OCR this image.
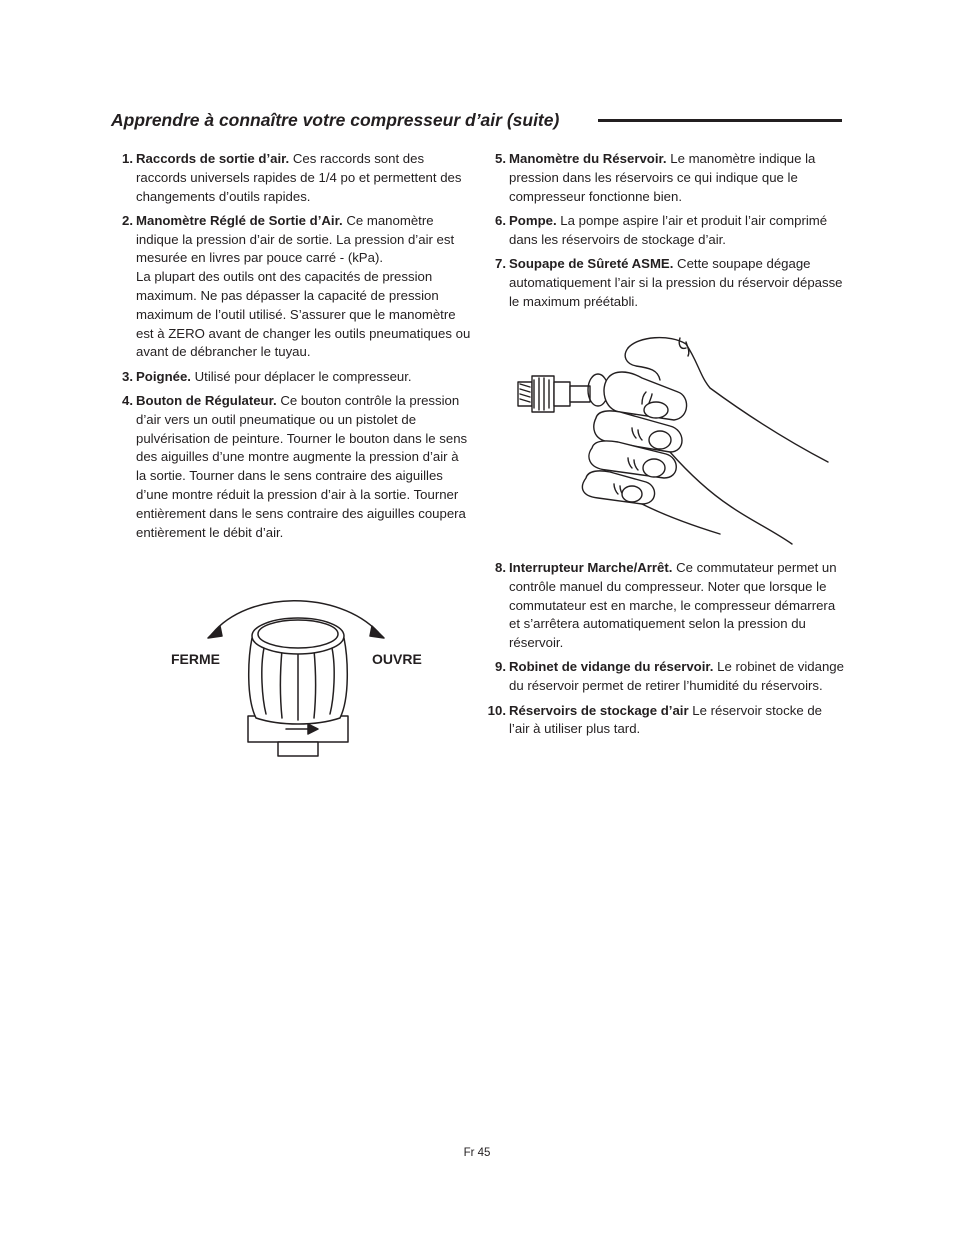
Apprendre à connaître votre compresseur d’air (suite)
1. Raccords de sortie d’air. Ces raccords sont des raccords universels rapides de 1/4 po et permettent des changements d’outils rapides.

2. Manomètre Réglé de Sortie d’Air. Ce manomètre indique la pression d’air de sortie. La pression d’air est mesurée en livres par pouce carré - (kPa).

La plupart des outils ont des capacités de pression maximum. Ne pas dépasser la capacité de pression maximum de l’outil utilisé. S’assurer que le manomètre est à ZERO avant de changer les outils pneumatiques ou avant de débrancher le tuyau.

3. Poignée. Utilisé pour déplacer le compresseur.

4. Bouton de Régulateur. Ce bouton contrôle la pression d’air vers un outil pneumatique ou un pistolet de pulvérisation de peinture. Tourner le bouton dans le sens des aiguilles d’une montre augmente la pression d’air à la sortie. Tourner dans le sens contraire des aiguilles d’une montre réduit la pression d’air à la sortie. Tourner entièrement dans le sens contraire des aiguilles coupera entièrement le débit d’air.

5. Manomètre du Réservoir. Le manomètre indique la pression dans les réservoirs ce qui indique que le compresseur fonctionne bien.

6. Pompe. La pompe aspire l’air et produit l’air comprimé dans les réservoirs de stockage d’air.

7. Soupape de Sûreté ASME. Cette soupape dégage automatiquement l’air si la pression du réservoir dépasse le maximum préétabli.

8. Interrupteur Marche/Arrêt. Ce commutateur permet un contrôle manuel du compresseur. Noter que lorsque le commutateur est en marche, le compresseur démarrera et s’arrêtera automatiquement selon la pression du réservoir.

9. Robinet de vidange du réservoir. Le robinet de vidange du réservoir permet de retirer l’humidité du réservoirs.

10. Réservoirs de stockage d’air Le réservoir stocke de l’air à utiliser plus tard.

FERME	OUVRE
Fr 45
